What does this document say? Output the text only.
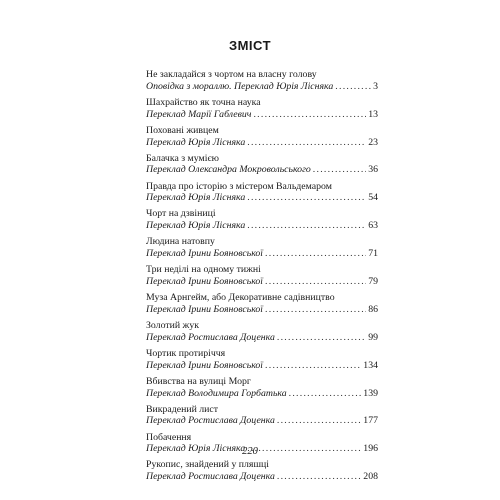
ЗМІСТ
Не закладайся з чортом на власну голову
Оповідка з мораллю. Переклад Юрія Лісняка . . .	3
Шахрайство як точна наука
Переклад Марії Габлевич . . .	13
Поховані живцем
Переклад Юрія Лісняка . . .	23
Балачка з мумією
Переклад Олександра Мокровольського . . .	36
Правда про історію з містером Вальдемаром
Переклад Юрія Лісняка . . .	54
Чорт на дзвіниці
Переклад Юрія Лісняка . . .	63
Людина натовпу
Переклад Ірини Бояновської . . .	71
Три неділі на одному тижні
Переклад Ірини Бояновської . . .	79
Муза Арнгейм, або Декоративне садівництво
Переклад Ірини Бояновської . . .	86
Золотий жук
Переклад Ростислава Доценка . . .	99
Чортик протиріччя
Переклад Ірини Бояновської . . .	134
Вбивства на вулиці Морг
Переклад Володимира Горбатька . . .	139
Викрадений лист
Переклад Ростислава Доценка . . .	177
Побачення
Переклад Юрія Лісняка . . .	196
Рукопис, знайдений у пляшці
Переклад Ростислава Доценка . . .	208
220
